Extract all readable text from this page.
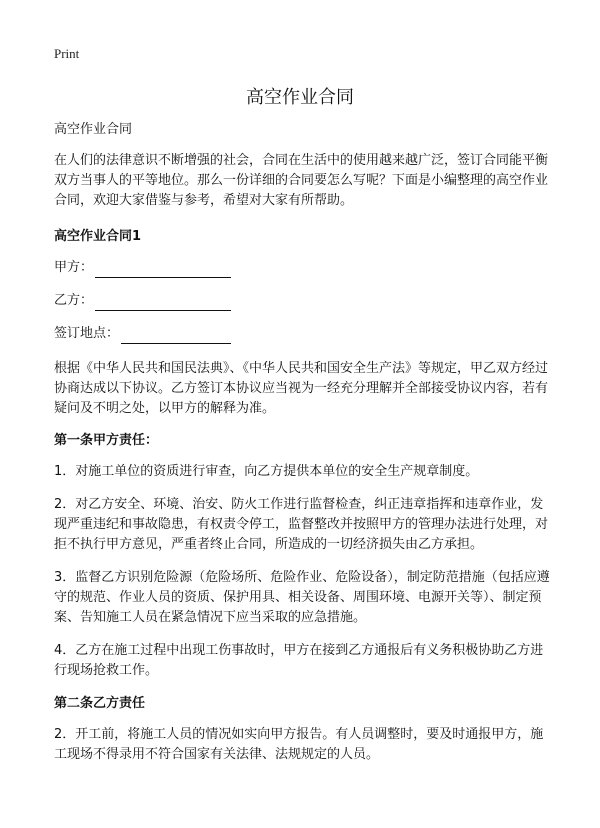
Print
高空作业合同

高空作业合同

在人们的法律意识不断增强的社会，合同在生活中的使用越来越广泛，签订合同能平衡双方当事人的平等地位。那么一份详细的合同要怎么写呢？下面是小编整理的高空作业合同，欢迎大家借鉴与参考，希望对大家有所帮助。

高空作业合同1
甲方：
乙方：
签订地点：

根据《中华人民共和国民法典》、《中华人民共和国安全生产法》等规定，甲乙双方经过协商达成以下协议。乙方签订本协议应当视为一经充分理解并全部接受协议内容，若有疑问及不明之处，以甲方的解释为准。

第一条甲方责任：

1．对施工单位的资质进行审查，向乙方提供本单位的安全生产规章制度。

2．对乙方安全、环境、治安、防火工作进行监督检查，纠正违章指挥和违章作业，发现严重违纪和事故隐患，有权责令停工，监督整改并按照甲方的管理办法进行处理，对拒不执行甲方意见，严重者终止合同，所造成的一切经济损失由乙方承担。

3．监督乙方识别危险源（危险场所、危险作业、危险设备），制定防范措施（包括应遵守的规范、作业人员的资质、保护用具、相关设备、周围环境、电源开关等）、制定预案、告知施工人员在紧急情况下应当采取的应急措施。

4．乙方在施工过程中出现工伤事故时，甲方在接到乙方通报后有义务积极协助乙方进行现场抢救工作。

第二条乙方责任

2．开工前，将施工人员的情况如实向甲方报告。有人员调整时，要及时通报甲方，施工现场不得录用不符合国家有关法律、法规规定的人员。
